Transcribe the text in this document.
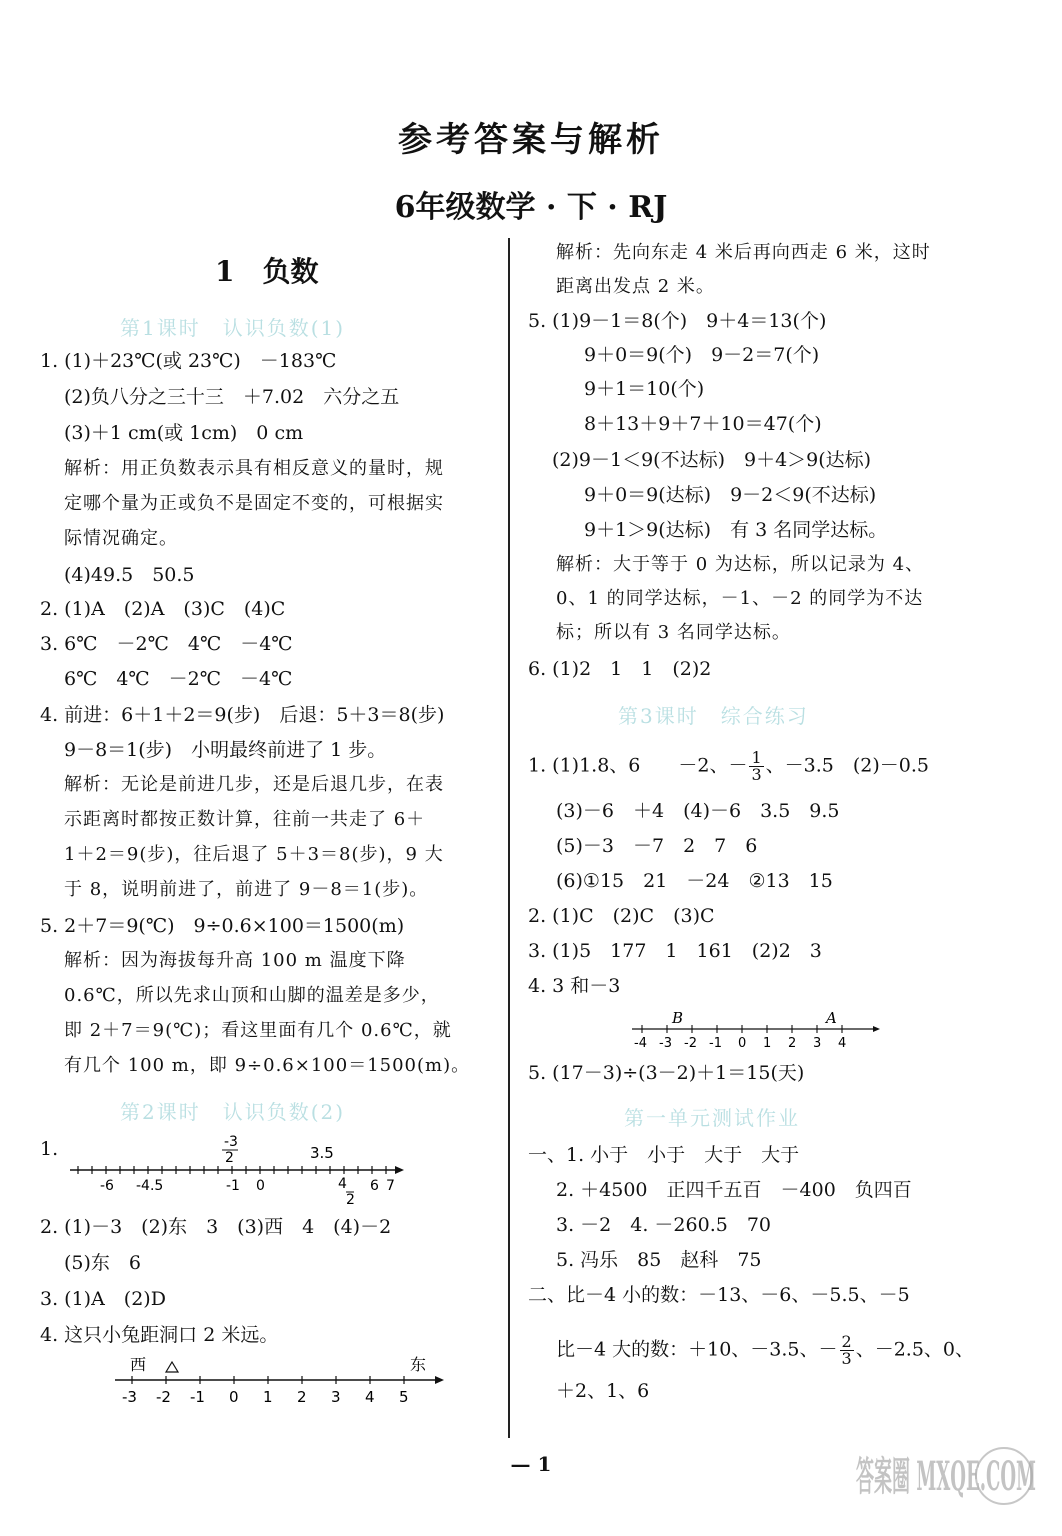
参考答案与解析
6年级数学 · 下 · RJ
1　负数
第1课时　认识负数(1)
1. (1)＋23℃(或 23℃)　－183℃
(2)负八分之三十三　＋7.02　六分之五
(3)＋1 cm(或 1cm)　0 cm
解析：用正负数表示具有相反意义的量时，规
定哪个量为正或负不是固定不变的，可根据实
际情况确定。
(4)49.5　50.5
2. (1)A　(2)A　(3)C　(4)C
3. 6℃　－2℃　4℃　－4℃
6℃　4℃　－2℃　－4℃
4. 前进：6＋1＋2＝9(步)　后退：5＋3＝8(步)
9－8＝1(步)　小明最终前进了 1 步。
解析：无论是前进几步，还是后退几步，在表
示距离时都按正数计算，往前一共走了 6＋
1＋2＝9(步)，往后退了 5＋3＝8(步)，9 大
于 8，说明前进了，前进了 9－8＝1(步)。
5. 2＋7＝9(℃)　9÷0.6×100＝1500(m)
解析：因为海拔每升高 100 m 温度下降
0.6℃，所以先求山顶和山脚的温差是多少，
即 2＋7＝9(℃)；看这里面有几个 0.6℃，就
有几个 100 m，即 9÷0.6×100＝1500(m)。
第2课时　认识负数(2)
1.	-3
2	3.5
-6 -4.5	-1 0	4
2
6 7
2. (1)－3　(2)东　3　(3)西　4　(4)－2
(5)东　6
3. (1)A　(2)D
4. 这只小兔距洞口 2 米远。
西	东
-3 -2 -1 0 1 2 3 4 5
解析：先向东走 4 米后再向西走 6 米，这时
距离出发点 2 米。
5. (1)9－1＝8(个)　9＋4＝13(个)
9＋0＝9(个)　9－2＝7(个)
9＋1＝10(个)
8＋13＋9＋7＋10＝47(个)
(2)9－1＜9(不达标)　9＋4＞9(达标)
9＋0＝9(达标)　9－2＜9(不达标)
9＋1＞9(达标)　有 3 名同学达标。
解析：大于等于 0 为达标，所以记录为 4、
0、1 的同学达标，－1、－2 的同学为不达
标；所以有 3 名同学达标。
6. (1)2　1　1　(2)2
第3课时　综合练习
1. (1)1.8、6　　－2、－ $\frac{1}{3}$ 、－3.5　(2)－0.5
(3)－6　＋4　(4)－6　3.5　9.5
(5)－3　－7　2　7　6
(6)①15　21　－24　②13　15
2. (1)C　(2)C　(3)C
3. (1)5　177　1　161　(2)2　3
4. 3 和－3
B	A
-4 -3 -2 -1 0 1 2 3 4
5. (17－3)÷(3－2)＋1＝15(天)
第一单元测试作业
一、1. 小于　小于　大于　大于
2. ＋4500　正四千五百　－400　负四百
3. －2　4. －260.5　70
5. 冯乐　85　赵科　75
二、比－4 小的数：－13、－6、－5.5、－5
比－4 大的数：＋10、－3.5、－ $\frac{2}{3}$ 、－2.5、0、
＋2、1、6
— 1	答案圈 MXQE.COM
